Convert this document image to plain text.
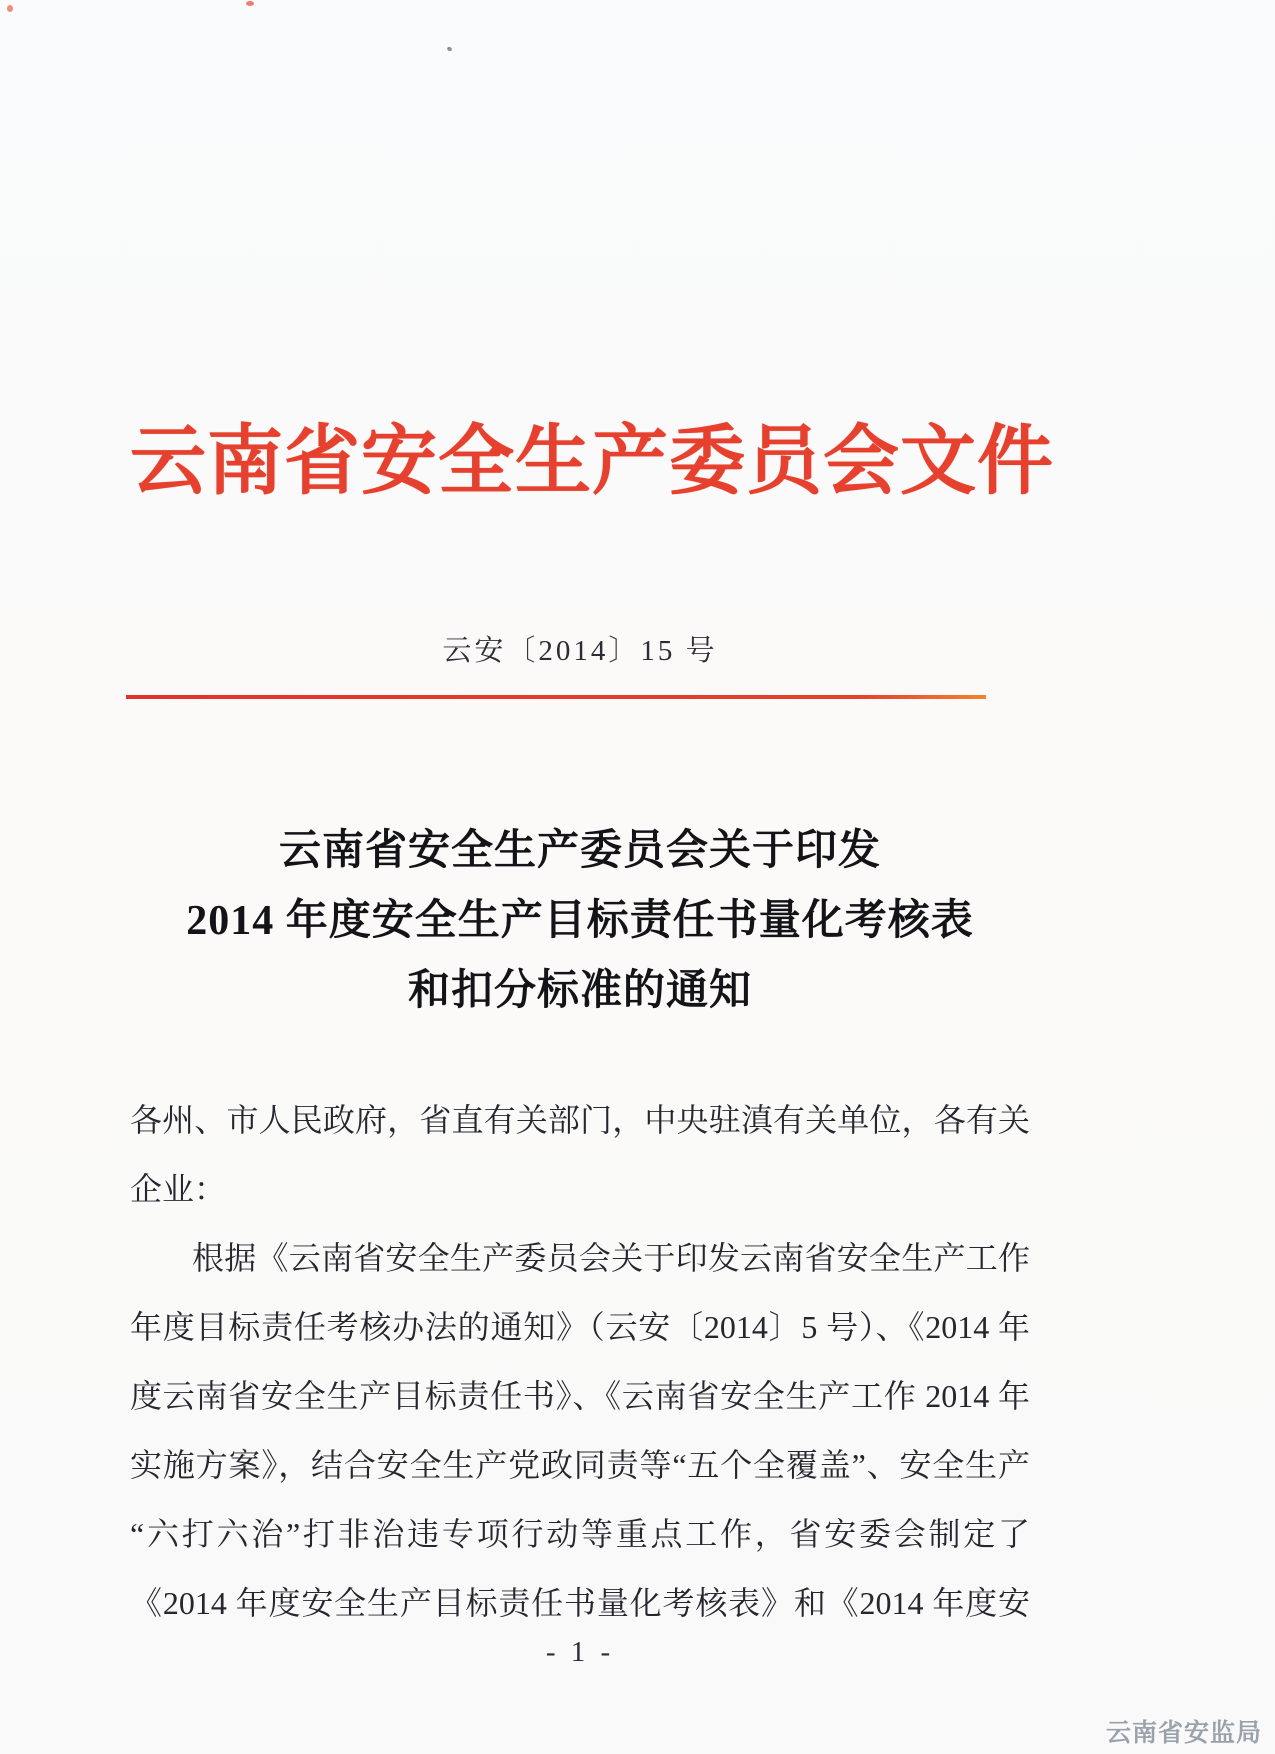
云南省安全生产委员会文件
云安〔2014〕15 号
云南省安全生产委员会关于印发
2014 年度安全生产目标责任书量化考核表
和扣分标准的通知
各州、市人民政府，省直有关部门，中央驻滇有关单位，各有关
企业：
根据《云南省安全生产委员会关于印发云南省安全生产工作
年度目标责任考核办法的通知》（云安〔2014〕5 号）、《2014 年
度云南省安全生产目标责任书》、《云南省安全生产工作 2014 年
实施方案》，结合安全生产党政同责等“五个全覆盖”、安全生产
“六打六治”打非治违专项行动等重点工作，省安委会制定了
《2014 年度安全生产目标责任书量化考核表》和《2014 年度安
- 1 -
云南省安监局
